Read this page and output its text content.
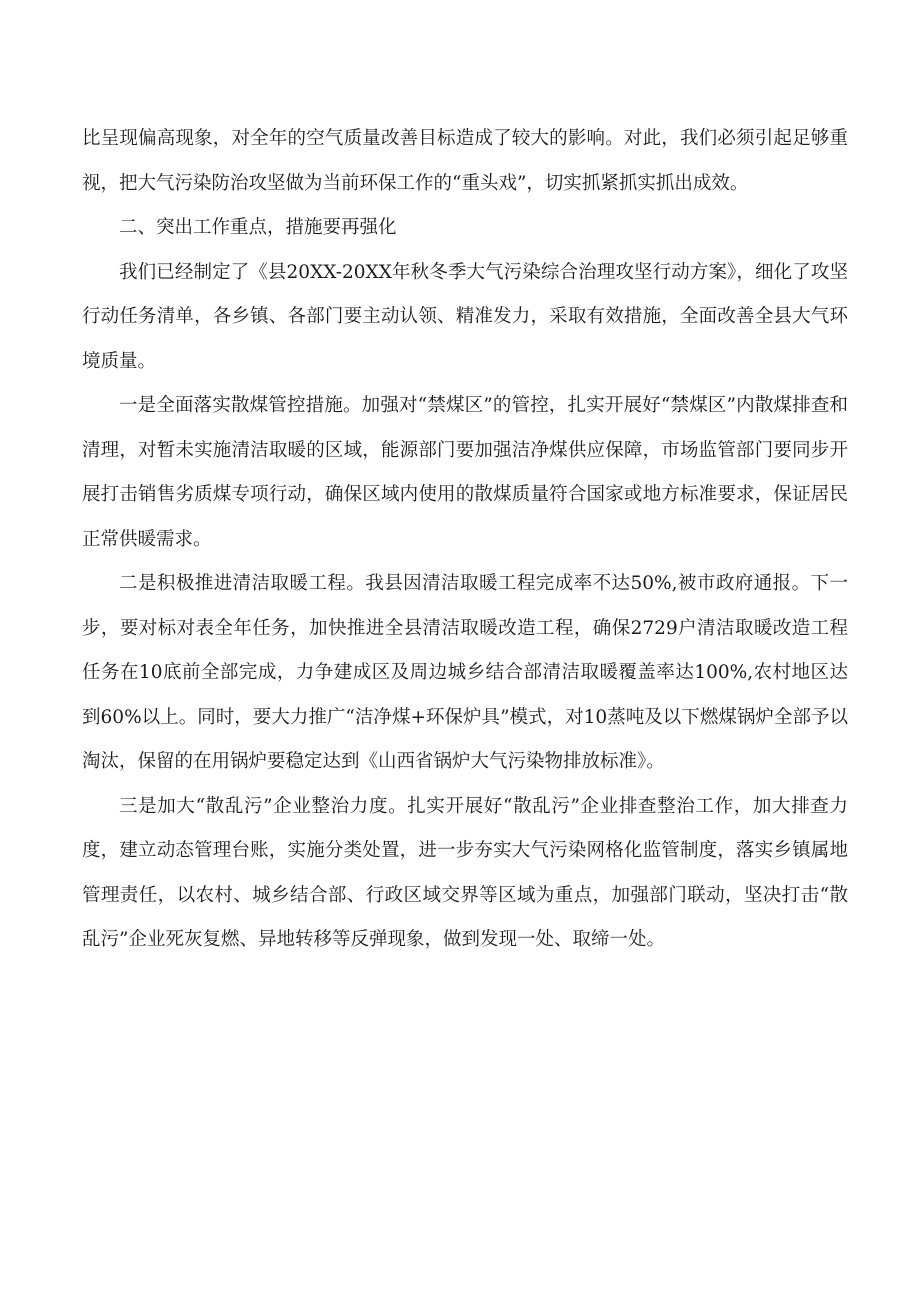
比呈现偏高现象，对全年的空气质量改善目标造成了较大的影响。对此，我们必须引起足够重视，把大气污染防治攻坚做为当前环保工作的“重头戏”，切实抓紧抓实抓出成效。

二、突出工作重点，措施要再强化

我们已经制定了《县20XX-20XX年秋冬季大气污染综合治理攻坚行动方案》，细化了攻坚行动任务清单，各乡镇、各部门要主动认领、精准发力，采取有效措施，全面改善全县大气环境质量。

一是全面落实散煤管控措施。加强对“禁煤区”的管控，扎实开展好“禁煤区”内散煤排查和清理，对暂未实施清洁取暖的区域，能源部门要加强洁净煤供应保障，市场监管部门要同步开展打击销售劣质煤专项行动，确保区域内使用的散煤质量符合国家或地方标准要求，保证居民正常供暖需求。

二是积极推进清洁取暖工程。我县因清洁取暖工程完成率不达50%,被市政府通报。下一步，要对标对表全年任务，加快推进全县清洁取暖改造工程，确保2729户清洁取暖改造工程任务在10底前全部完成，力争建成区及周边城乡结合部清洁取暖覆盖率达100%,农村地区达到60%以上。同时，要大力推广“洁净煤+环保炉具”模式，对10蒸吨及以下燃煤锅炉全部予以淘汰，保留的在用锅炉要稳定达到《山西省锅炉大气污染物排放标准》。

三是加大“散乱污”企业整治力度。扎实开展好“散乱污”企业排查整治工作，加大排查力度，建立动态管理台账，实施分类处置，进一步夯实大气污染网格化监管制度，落实乡镇属地管理责任，以农村、城乡结合部、行政区域交界等区域为重点，加强部门联动，坚决打击“散乱污”企业死灰复燃、异地转移等反弹现象，做到发现一处、取缔一处。
